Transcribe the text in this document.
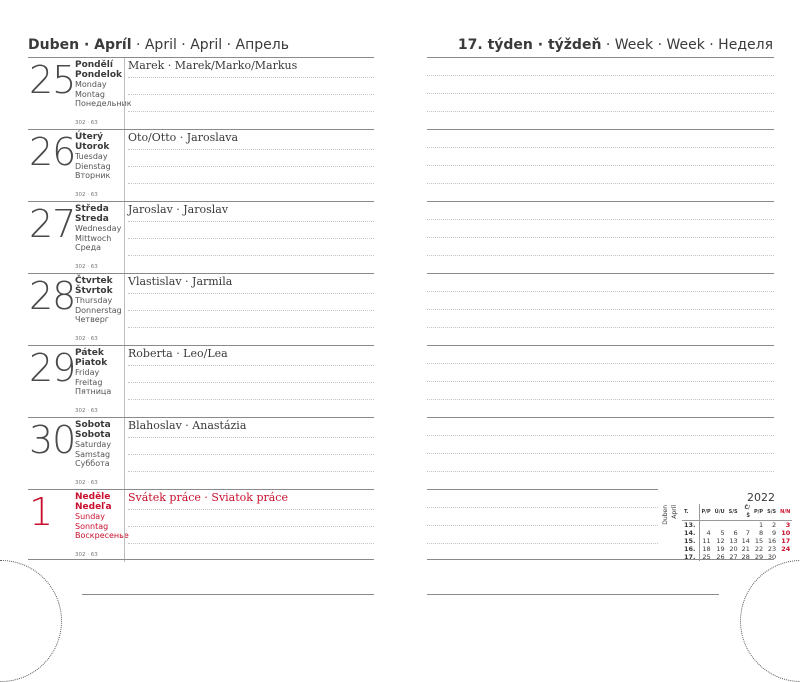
Duben · Apríl · April · April · Апрель	17. týden · týždeň · Week · Week · Неделя
25 Pondělí
Pondelok
Monday
Montag
Понедельник
302 · 63
Marek · Marek/Marko/Markus
26 Úterý
Utorok
Tuesday
Dienstag
Вторник
302 · 63
Oto/Otto · Jaroslava
27 Středa
Streda
Wednesday
Mittwoch
Среда
302 · 63
Jaroslav · Jaroslav
28 Čtvrtek
Štvrtok
Thursday
Donnerstag
Четверг
302 · 63
Vlastislav · Jarmila
29 Pátek
Piatok
Friday
Freitag
Пятница
302 · 63
Roberta · Leo/Lea
30 Sobota
Sobota
Saturday
Samstag
Суббота
302 · 63
Blahoslav · Anastázia
1	Neděle
Nedeľa
Sunday
Sonntag
Воскресенье
302 · 63
Svátek práce · Sviatok práce	2022
Duben Apríl T.	P/P	Ú/U	S/S	Č/Š	P/P	S/S	N/N
13.					1	2	3
14.	4	5	6	7	8	9	10
15.	11	12	13	14	15	16	17
16.	18	19	20	21	22	23	24
17.	25	26	27	28	29	30	
